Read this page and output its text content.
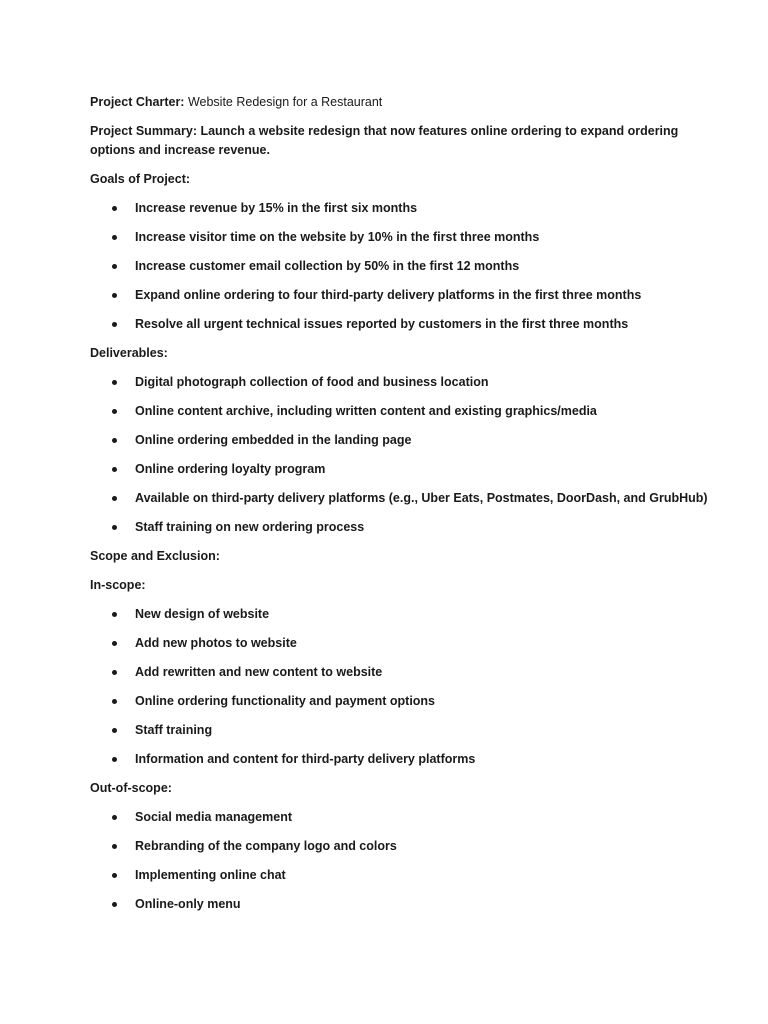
Project Charter: Website Redesign for a Restaurant

Project Summary: Launch a website redesign that now features online ordering to expand ordering options and increase revenue.

Goals of Project:

Increase revenue by 15% in the first six months
Increase visitor time on the website by 10% in the first three months
Increase customer email collection by 50% in the first 12 months
Expand online ordering to four third-party delivery platforms in the first three months
Resolve all urgent technical issues reported by customers in the first three months

Deliverables:

Digital photograph collection of food and business location
Online content archive, including written content and existing graphics/media
Online ordering embedded in the landing page
Online ordering loyalty program
Available on third-party delivery platforms (e.g., Uber Eats, Postmates, DoorDash, and GrubHub)
Staff training on new ordering process

Scope and Exclusion:

In-scope:

New design of website
Add new photos to website
Add rewritten and new content to website
Online ordering functionality and payment options
Staff training
Information and content for third-party delivery platforms

Out-of-scope:

Social media management
Rebranding of the company logo and colors
Implementing online chat
Online-only menu
